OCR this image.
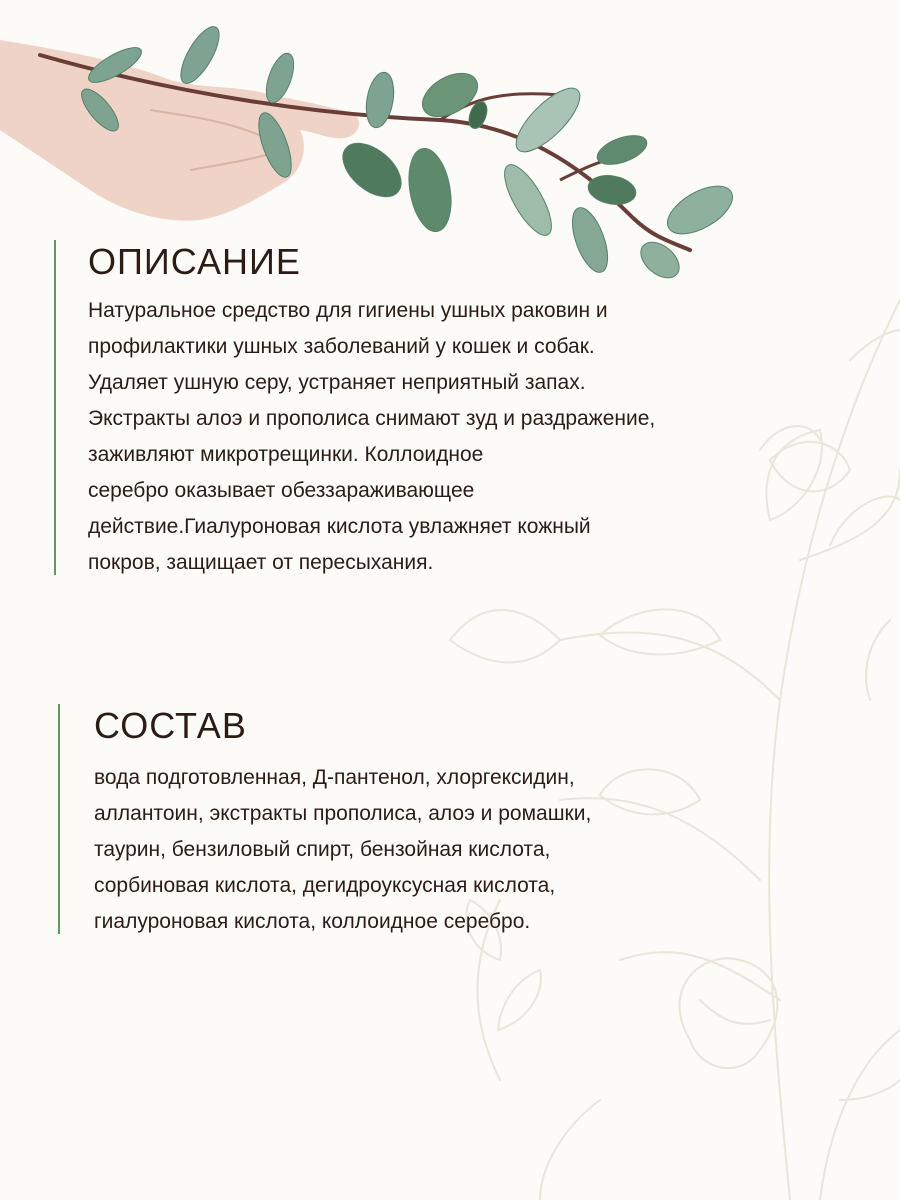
ОПИСАНИЕ
Натуральное средство для гигиены ушных раковин и
профилактики ушных заболеваний у кошек и собак.
Удаляет ушную серу, устраняет неприятный запах.
Экстракты алоэ и прополиса снимают зуд и раздражение,
заживляют микротрещинки. Коллоидное
серебро оказывает обеззараживающее
действие.Гиалуроновая кислота увлажняет кожный
покров, защищает от пересыхания.
СОСТАВ
вода подготовленная, Д-пантенол, хлоргексидин,
аллантоин, экстракты прополиса, алоэ и ромашки,
таурин, бензиловый спирт, бензойная кислота,
сорбиновая кислота, дегидроуксусная кислота,
гиалуроновая кислота, коллоидное серебро.
